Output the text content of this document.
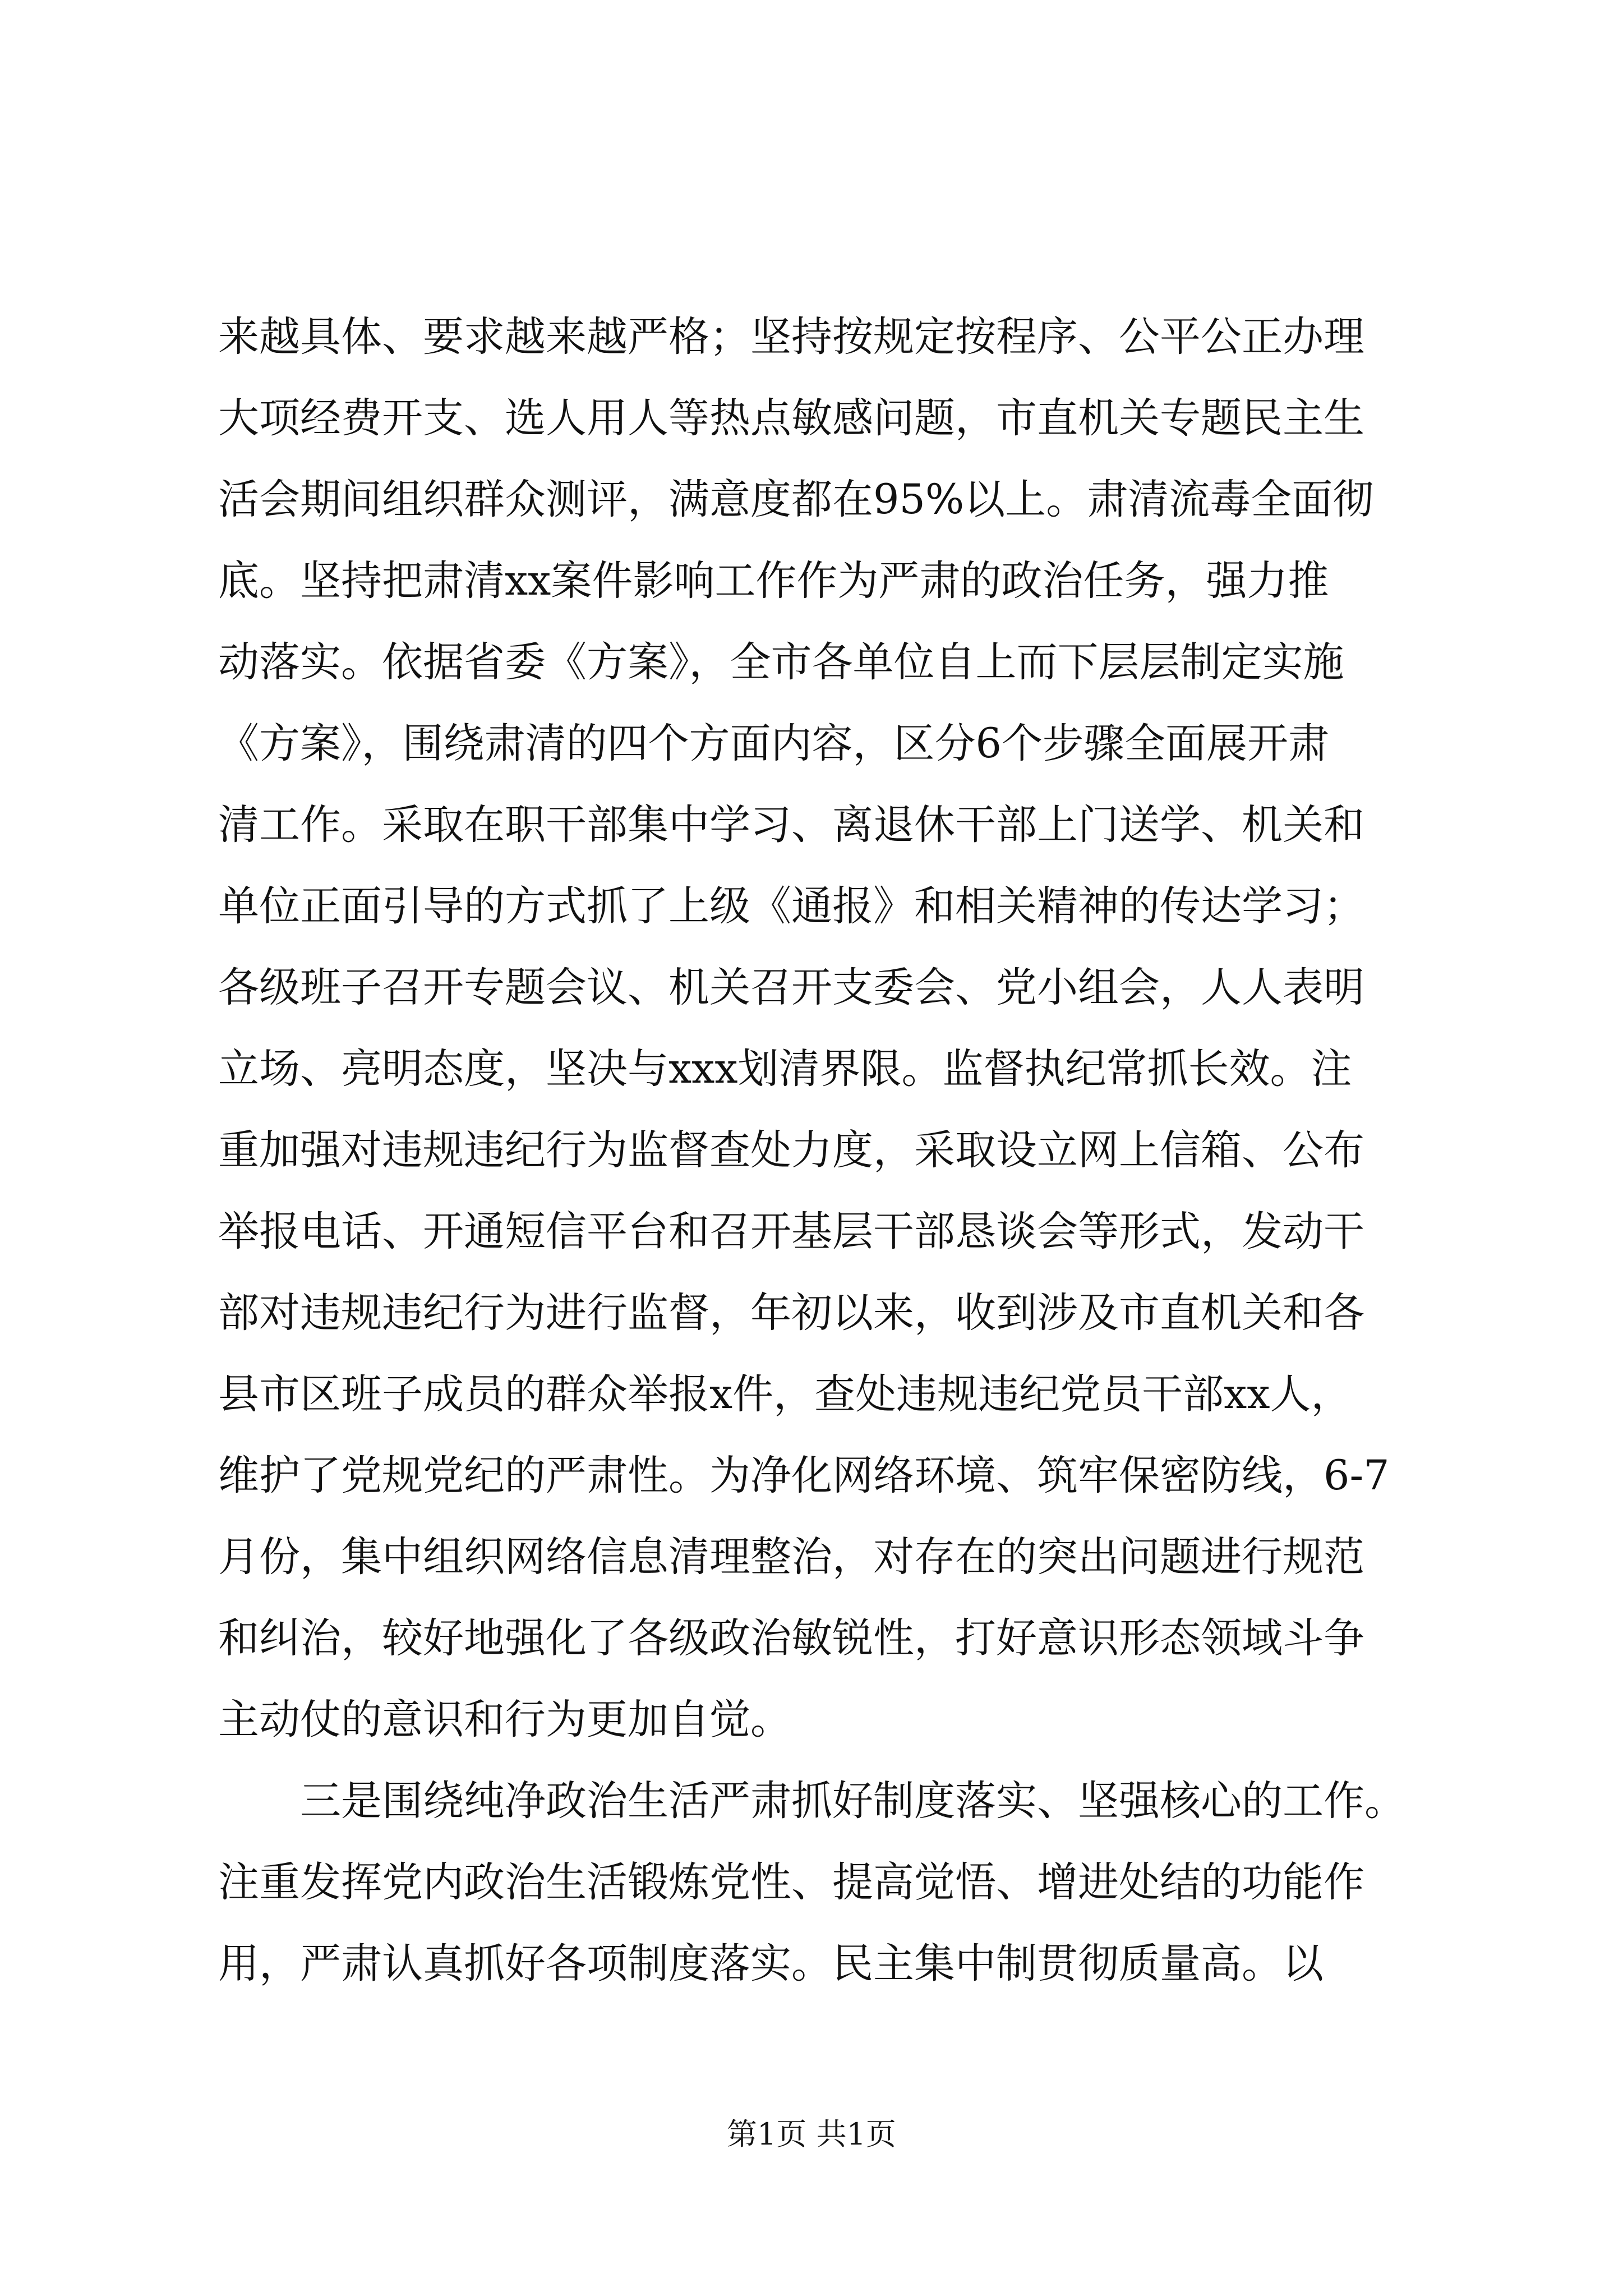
来越具体、要求越来越严格；坚持按规定按程序、公平公正办理
大项经费开支、选人用人等热点敏感问题，市直机关专题民主生
活会期间组织群众测评，满意度都在95%以上。肃清流毒全面彻
底。坚持把肃清xx案件影响工作作为严肃的政治任务，强力推
动落实。依据省委《方案》，全市各单位自上而下层层制定实施
《方案》，围绕肃清的四个方面内容，区分6个步骤全面展开肃
清工作。采取在职干部集中学习、离退休干部上门送学、机关和
单位正面引导的方式抓了上级《通报》和相关精神的传达学习；
各级班子召开专题会议、机关召开支委会、党小组会，人人表明
立场、亮明态度，坚决与xxx划清界限。监督执纪常抓长效。注
重加强对违规违纪行为监督查处力度，采取设立网上信箱、公布
举报电话、开通短信平台和召开基层干部恳谈会等形式，发动干
部对违规违纪行为进行监督，年初以来，收到涉及市直机关和各
县市区班子成员的群众举报x件，查处违规违纪党员干部xx人，
维护了党规党纪的严肃性。为净化网络环境、筑牢保密防线，6-7
月份，集中组织网络信息清理整治，对存在的突出问题进行规范
和纠治，较好地强化了各级政治敏锐性，打好意识形态领域斗争
主动仗的意识和行为更加自觉。
三是围绕纯净政治生活严肃抓好制度落实、坚强核心的工作。
注重发挥党内政治生活锻炼党性、提高觉悟、增进处结的功能作
用，严肃认真抓好各项制度落实。民主集中制贯彻质量高。以
第1页 共1页
